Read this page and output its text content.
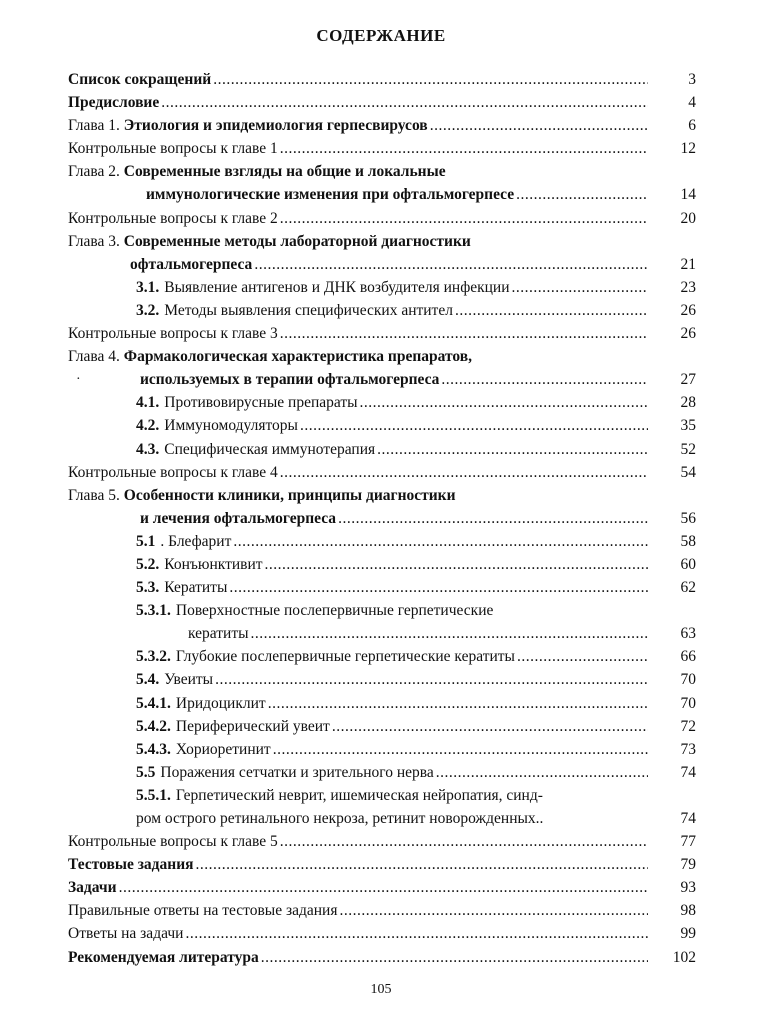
СОДЕРЖАНИЕ
Список сокращений .....	3
Предисловие .....	4
Глава 1. Этиология и эпидемиология герпесвирусов .....	6
Контрольные вопросы к главе 1 .....	12
Глава 2. Современные взгляды на общие и локальные
иммунологические изменения при офтальмогерпесе .....	14
Контрольные вопросы к главе 2 .....	20
Глава 3. Современные методы лабораторной диагностики
офтальмогерпеса .....	21
3.1. Выявление антигенов и ДНК возбудителя инфекции .....	23
3.2. Методы выявления специфических антител .....	26
Контрольные вопросы к главе 3 .....	26
Глава 4. Фармакологическая характеристика препаратов,
·	используемых в терапии офтальмогерпеса .....	27
4.1. Противовирусные препараты .....	28
4.2. Иммуномодуляторы .....	35
4.3. Специфическая иммунотерапия .....	52
Контрольные вопросы к главе 4 .....	54
Глава 5. Особенности клиники, принципы диагностики
и лечения офтальмогерпеса .....	56
5.1 . Блефарит .....	58
5.2. Конъюнктивит .....	60
5.3. Кератиты .....	62
5.3.1. Поверхностные послепервичные герпетические
кератиты .....	63
5.3.2. Глубокие послепервичные герпетические кератиты .....	66
5.4. Увеиты .....	70
5.4.1. Иридоциклит .....	70
5.4.2. Периферический увеит .....	72
5.4.3. Хориоретинит .....	73
5.5 Поражения сетчатки и зрительного нерва .....	74
5.5.1. Герпетический неврит, ишемическая нейропатия, синд-
ром острого ретинального некроза, ретинит новорожденных..	74
Контрольные вопросы к главе 5 .....	77
Тестовые задания .....	79
Задачи .....	93
Правильные ответы на тестовые задания .....	98
Ответы на задачи .....	99
Рекомендуемая литература .....	102
105
